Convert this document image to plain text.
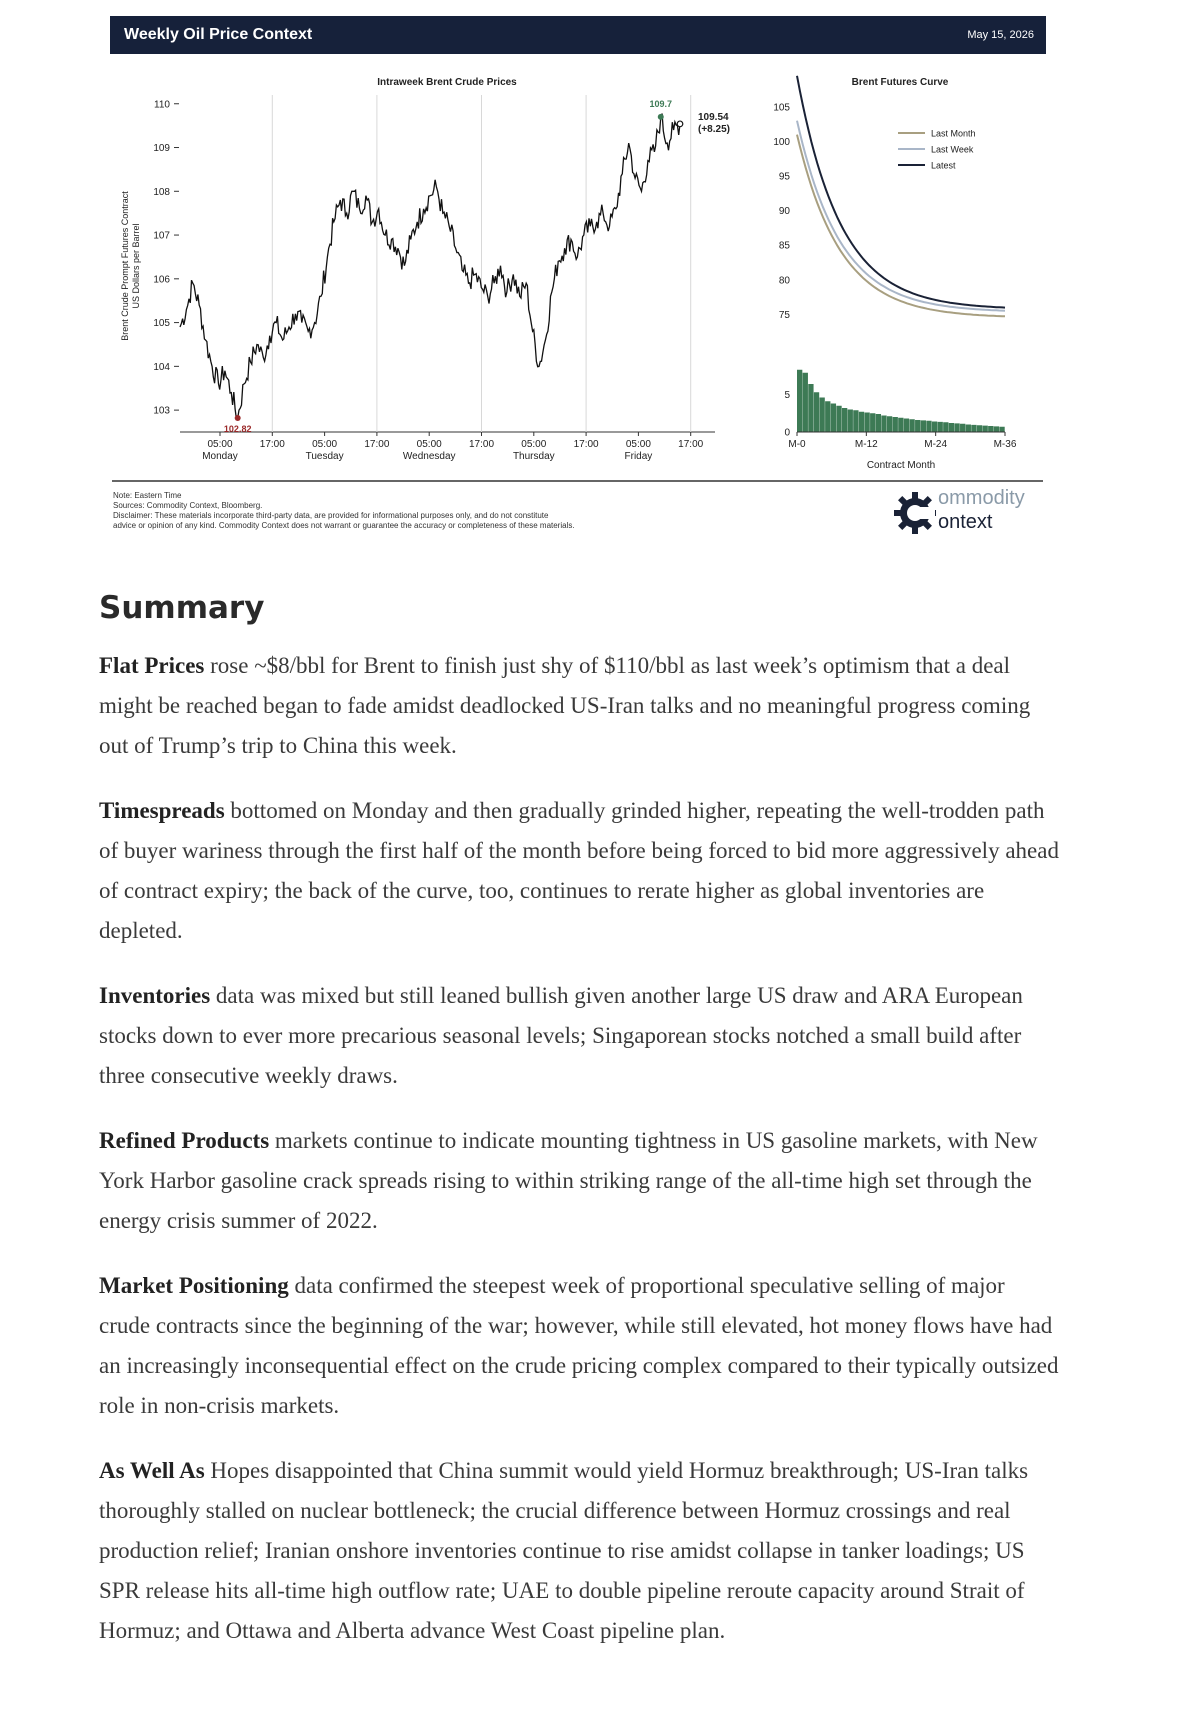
Weekly Oil Price Context	May 15, 2026
Intraweek Brent Crude Prices
Brent Crude Prompt Futures Contract US Dollars per Barrel
103
104
105
106
107
108
109
110
05:00
Monday
17:00	05:00
Tuesday
17:00	05:00
Wednesday
17:00	05:00
Thursday
17:00	05:00
Friday
17:00
102.82
109.7
109.54
(+8.25)
Brent Futures Curve
75
80
85
90
95
100
105
Last Month
Last Week
Latest
0
5
M-0	M-12	M-24	M-36
Contract Month
Note: Eastern Time
Sources: Commodity Context, Bloomberg.
Disclaimer: These materials incorporate third-party data, are provided for informational purposes only, and do not constitute
advice or opinion of any kind. Commodity Context does not warrant or guarantee the accuracy or completeness of these materials.
ommodity
ontext
Summary

Flat Prices rose ~$8/bbl for Brent to finish just shy of $110/bbl as last week’s optimism that a deal might be reached began to fade amidst deadlocked US-Iran talks and no meaningful progress coming out of Trump’s trip to China this week.

Timespreads bottomed on Monday and then gradually grinded higher, repeating the well-trodden path of buyer wariness through the first half of the month before being forced to bid more aggressively ahead of contract expiry; the back of the curve, too, continues to rerate higher as global inventories are depleted.

Inventories data was mixed but still leaned bullish given another large US draw and ARA European stocks down to ever more precarious seasonal levels; Singaporean stocks notched a small build after three consecutive weekly draws.

Refined Products markets continue to indicate mounting tightness in US gasoline markets, with New York Harbor gasoline crack spreads rising to within striking range of the all-time high set through the energy crisis summer of 2022.

Market Positioning data confirmed the steepest week of proportional speculative selling of major crude contracts since the beginning of the war; however, while still elevated, hot money flows have had an increasingly inconsequential effect on the crude pricing complex compared to their typically outsized role in non-crisis markets.

As Well As Hopes disappointed that China summit would yield Hormuz breakthrough; US-Iran talks thoroughly stalled on nuclear bottleneck; the crucial difference between Hormuz crossings and real production relief; Iranian onshore inventories continue to rise amidst collapse in tanker loadings; US SPR release hits all-time high outflow rate; UAE to double pipeline reroute capacity around Strait of Hormuz; and Ottawa and Alberta advance West Coast pipeline plan.
